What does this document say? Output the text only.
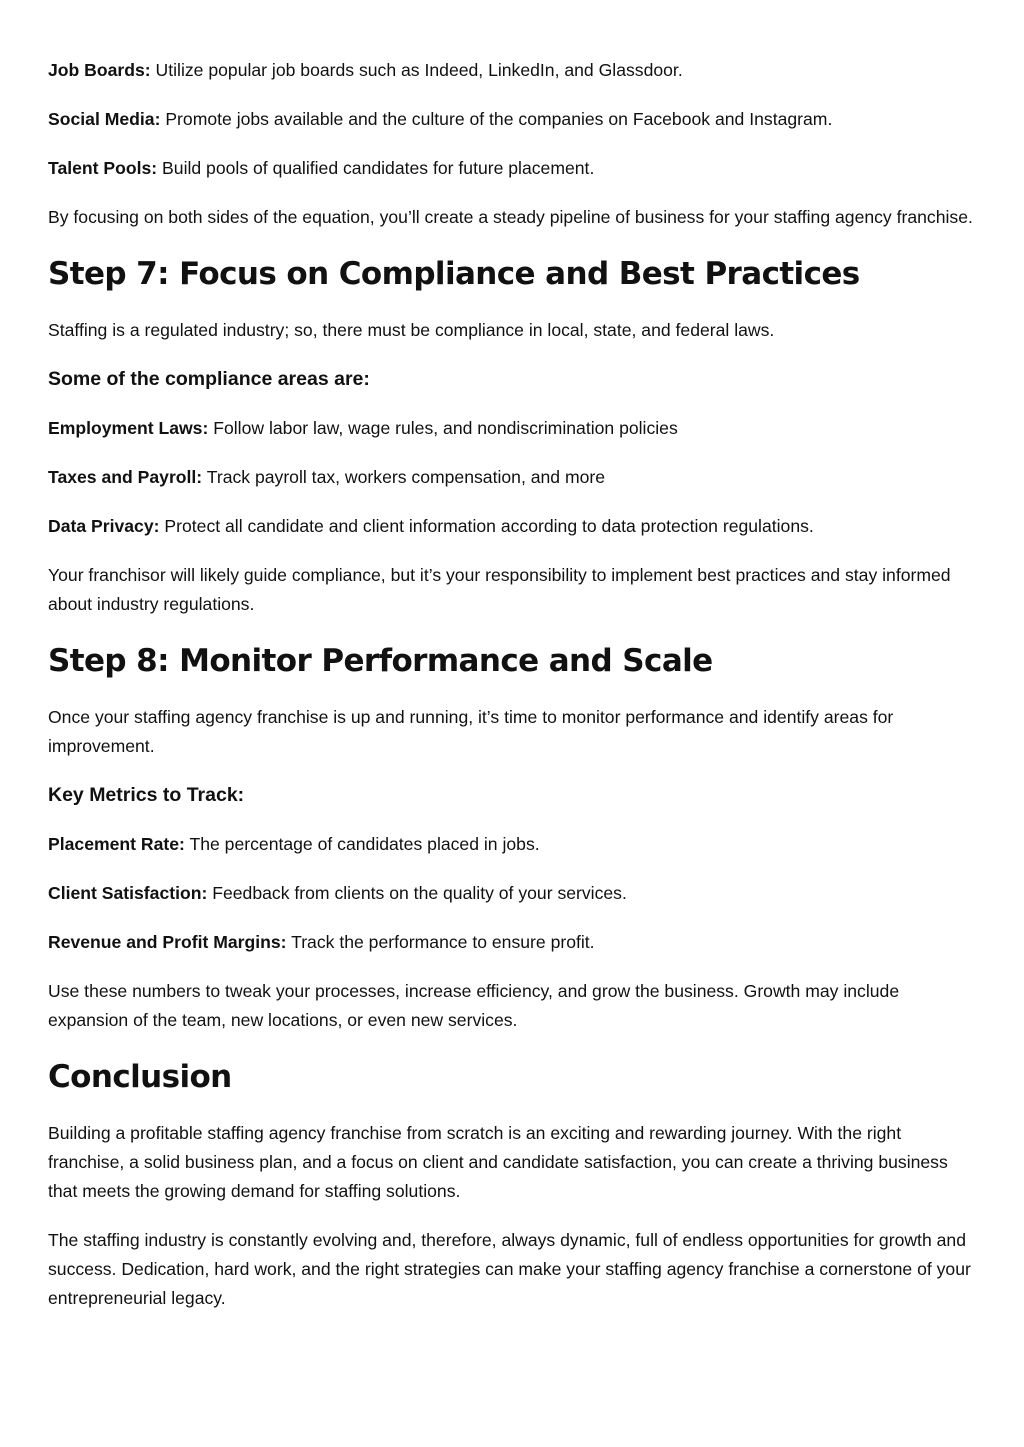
Job Boards: Utilize popular job boards such as Indeed, LinkedIn, and Glassdoor.

Social Media: Promote jobs available and the culture of the companies on Facebook and Instagram.

Talent Pools: Build pools of qualified candidates for future placement.

By focusing on both sides of the equation, you’ll create a steady pipeline of business for your staffing agency franchise.

Step 7: Focus on Compliance and Best Practices

Staffing is a regulated industry; so, there must be compliance in local, state, and federal laws.

Some of the compliance areas are:

Employment Laws: Follow labor law, wage rules, and nondiscrimination policies

Taxes and Payroll: Track payroll tax, workers compensation, and more

Data Privacy: Protect all candidate and client information according to data protection regulations.

Your franchisor will likely guide compliance, but it’s your responsibility to implement best practices and stay informed about industry regulations.

Step 8: Monitor Performance and Scale

Once your staffing agency franchise is up and running, it’s time to monitor performance and identify areas for improvement.

Key Metrics to Track:

Placement Rate: The percentage of candidates placed in jobs.

Client Satisfaction: Feedback from clients on the quality of your services.

Revenue and Profit Margins: Track the performance to ensure profit.

Use these numbers to tweak your processes, increase efficiency, and grow the business. Growth may include expansion of the team, new locations, or even new services.

Conclusion

Building a profitable staffing agency franchise from scratch is an exciting and rewarding journey. With the right franchise, a solid business plan, and a focus on client and candidate satisfaction, you can create a thriving business that meets the growing demand for staffing solutions.

The staffing industry is constantly evolving and, therefore, always dynamic, full of endless opportunities for growth and success. Dedication, hard work, and the right strategies can make your staffing agency franchise a cornerstone of your entrepreneurial legacy.
